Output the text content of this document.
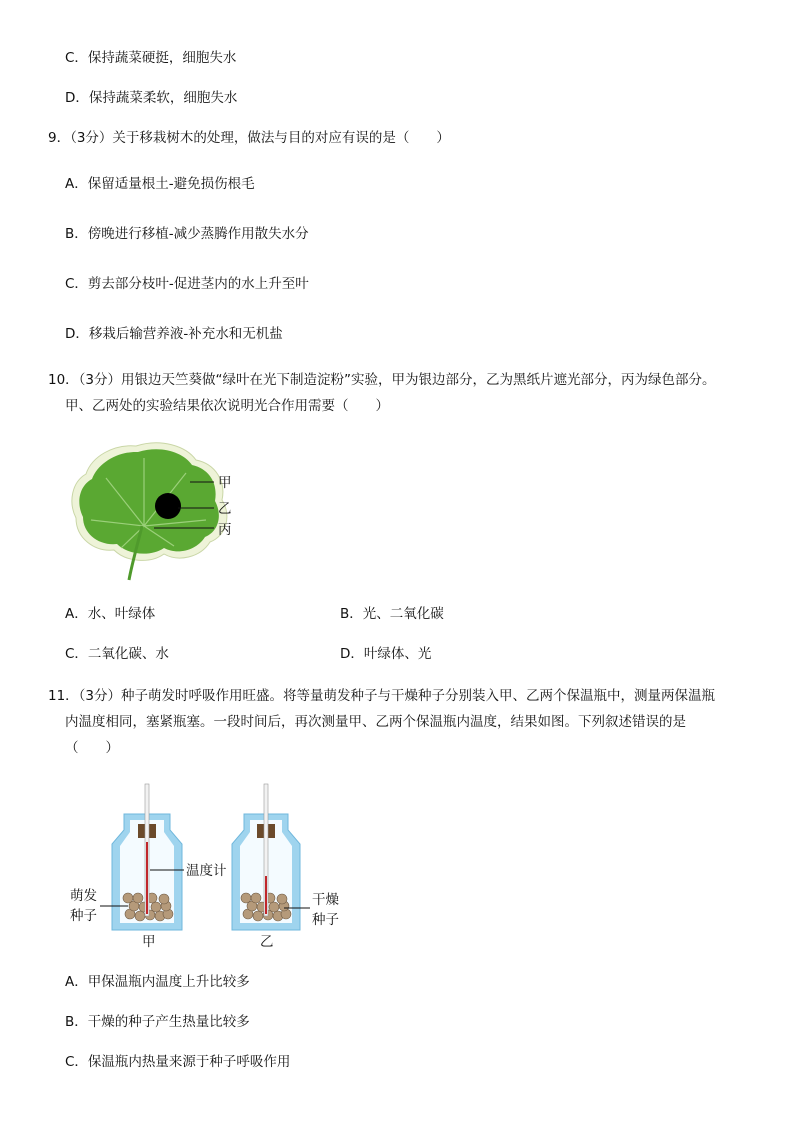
C．保持蔬菜硬挺，细胞失水
D．保持蔬菜柔软，细胞失水
9．（3分）关于移栽树木的处理，做法与目的对应有误的是（　　）
A．保留适量根土-避免损伤根毛
B．傍晚进行移植-减少蒸腾作用散失水分
C．剪去部分枝叶-促进茎内的水上升至叶
D．移栽后输营养液-补充水和无机盐
10．（3分）用银边天竺葵做“绿叶在光下制造淀粉”实验，甲为银边部分，乙为黑纸片遮光部分，丙为绿色部分。
甲、乙两处的实验结果依次说明光合作用需要（　　）
甲
乙
丙
A．水、叶绿体	B．光、二氧化碳
C．二氧化碳、水	D．叶绿体、光
11．（3分）种子萌发时呼吸作用旺盛。将等量萌发种子与干燥种子分别装入甲、乙两个保温瓶中，测量两保温瓶
内温度相同，塞紧瓶塞。一段时间后，再次测量甲、乙两个保温瓶内温度，结果如图。下列叙述错误的是
（　　）
温度计
萌发
种子
干燥
种子
甲	乙
A．甲保温瓶内温度上升比较多
B．干燥的种子产生热量比较多
C．保温瓶内热量来源于种子呼吸作用
